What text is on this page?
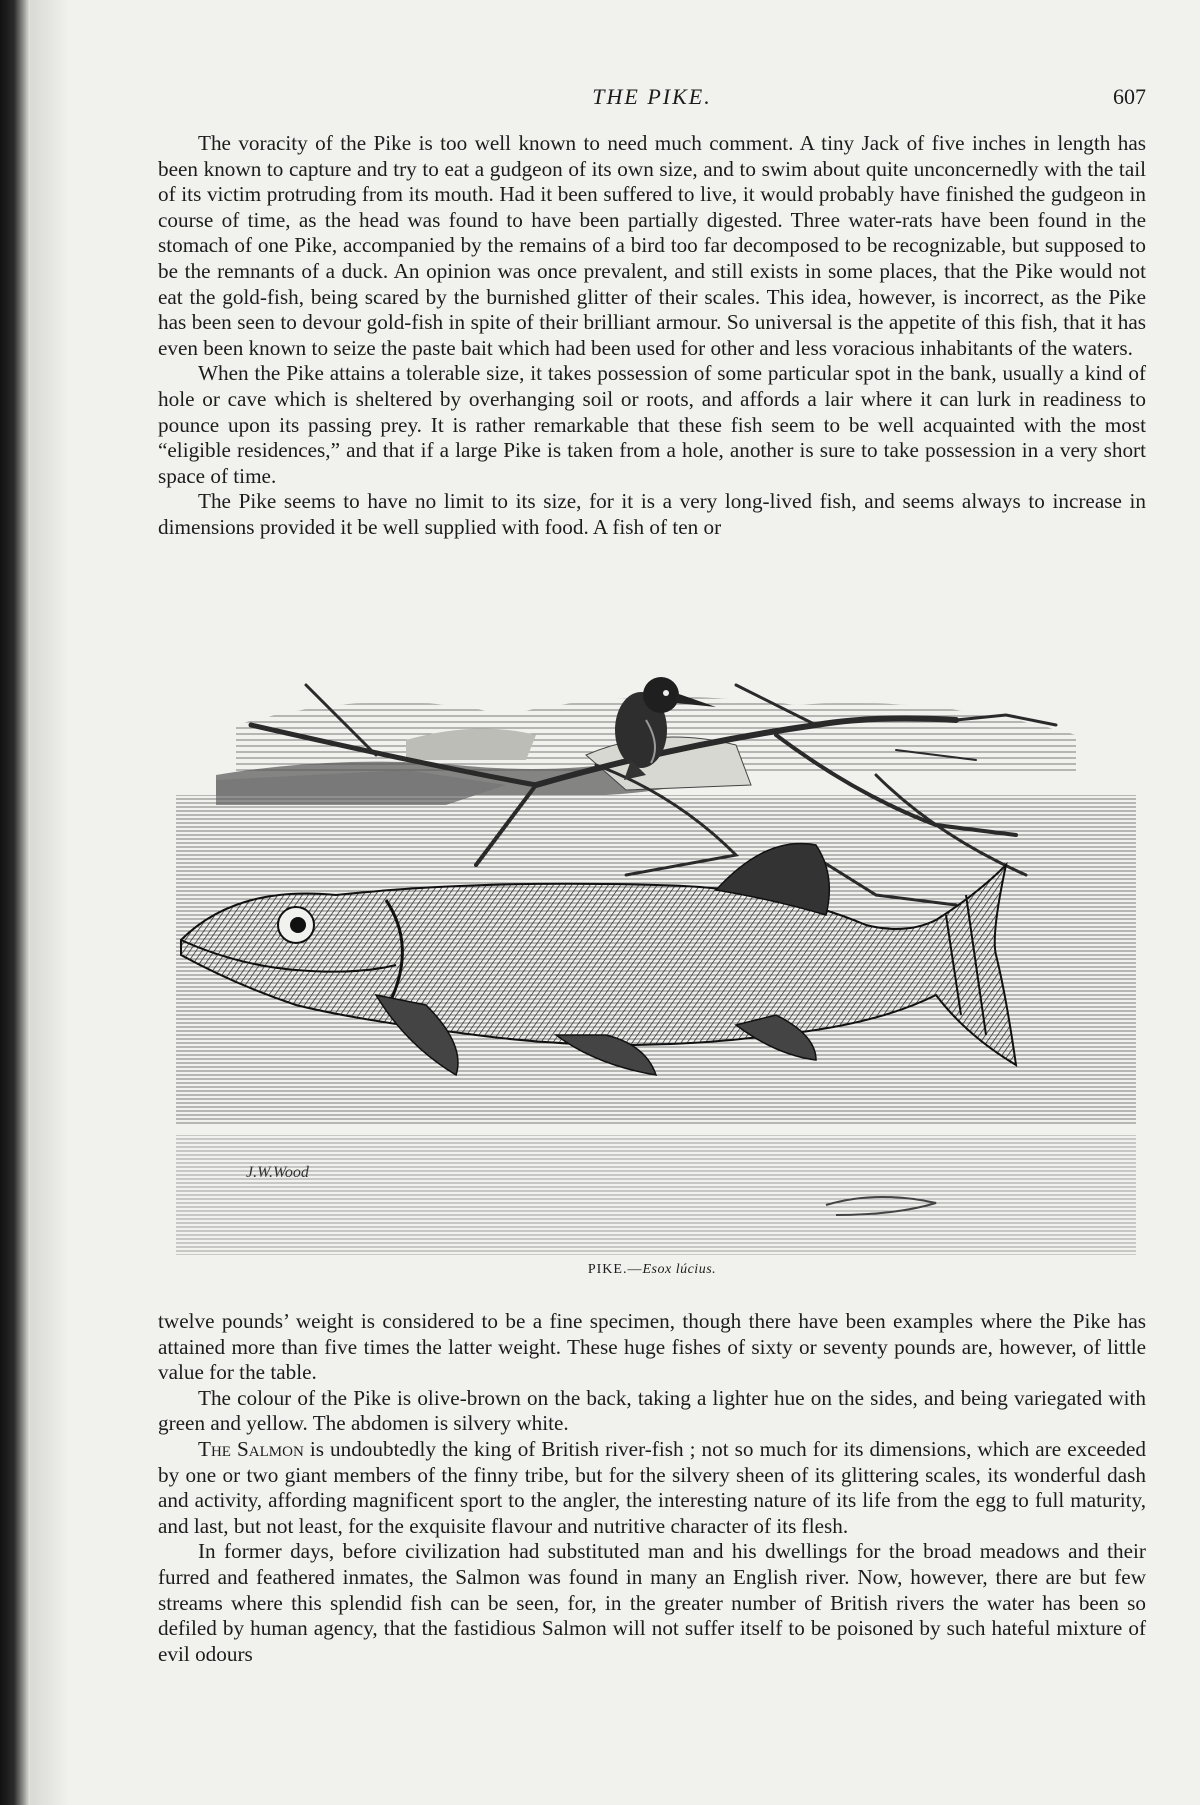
THE PIKE.	607

The voracity of the Pike is too well known to need much comment. A tiny Jack of five inches in length has been known to capture and try to eat a gudgeon of its own size, and to swim about quite unconcernedly with the tail of its victim protruding from its mouth. Had it been suffered to live, it would probably have finished the gudgeon in course of time, as the head was found to have been partially digested. Three water-rats have been found in the stomach of one Pike, accompanied by the remains of a bird too far decomposed to be recognizable, but supposed to be the remnants of a duck. An opinion was once prevalent, and still exists in some places, that the Pike would not eat the gold-fish, being scared by the burnished glitter of their scales. This idea, however, is incorrect, as the Pike has been seen to devour gold-fish in spite of their brilliant armour. So universal is the appetite of this fish, that it has even been known to seize the paste bait which had been used for other and less voracious inhabitants of the waters.

When the Pike attains a tolerable size, it takes possession of some particular spot in the bank, usually a kind of hole or cave which is sheltered by overhanging soil or roots, and affords a lair where it can lurk in readiness to pounce upon its passing prey. It is rather remarkable that these fish seem to be well acquainted with the most “eligible residences,” and that if a large Pike is taken from a hole, another is sure to take possession in a very short space of time.

The Pike seems to have no limit to its size, for it is a very long-lived fish, and seems always to increase in dimensions provided it be well supplied with food. A fish of ten or

J.W.Wood
PIKE.—Esox lúcius.

twelve pounds’ weight is considered to be a fine specimen, though there have been examples where the Pike has attained more than five times the latter weight. These huge fishes of sixty or seventy pounds are, however, of little value for the table.

The colour of the Pike is olive-brown on the back, taking a lighter hue on the sides, and being variegated with green and yellow. The abdomen is silvery white.

The Salmon is undoubtedly the king of British river-fish ; not so much for its dimensions, which are exceeded by one or two giant members of the finny tribe, but for the silvery sheen of its glittering scales, its wonderful dash and activity, affording magnificent sport to the angler, the interesting nature of its life from the egg to full maturity, and last, but not least, for the exquisite flavour and nutritive character of its flesh.

In former days, before civilization had substituted man and his dwellings for the broad meadows and their furred and feathered inmates, the Salmon was found in many an English river. Now, however, there are but few streams where this splendid fish can be seen, for, in the greater number of British rivers the water has been so defiled by human agency, that the fastidious Salmon will not suffer itself to be poisoned by such hateful mixture of evil odours
